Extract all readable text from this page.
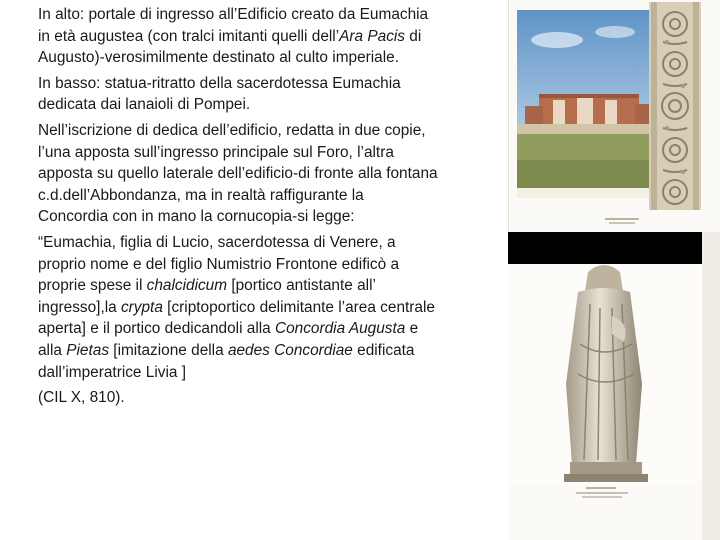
In alto: portale di ingresso all’Edificio creato da Eumachia in età augustea (con tralci imitanti quelli dell’Ara Pacis di Augusto)-verosimilmente destinato al culto imperiale.

In basso: statua-ritratto della sacerdotessa Eumachia dedicata dai lanaioli di Pompei.

Nell’iscrizione di dedica dell’edificio, redatta in due copie, l’una apposta sull’ingresso principale sul Foro, l’altra apposta su quello laterale dell’edificio-di fronte alla fontana c.d.dell’Abbondanza, ma in realtà raffigurante la Concordia con in mano la cornucopia-si legge:

“Eumachia, figlia di Lucio, sacerdotessa di Venere, a proprio nome e del figlio Numistrio Frontone edificò a proprie spese il chalcidicum [portico antistante all’ ingresso],la crypta [criptoportico delimitante l’area centrale aperta] e il portico dedicandoli alla Concordia Augusta e alla Pietas [imitazione della aedes Concordiae edificata dall’imperatrice Livia ]

(CIL X, 810).
